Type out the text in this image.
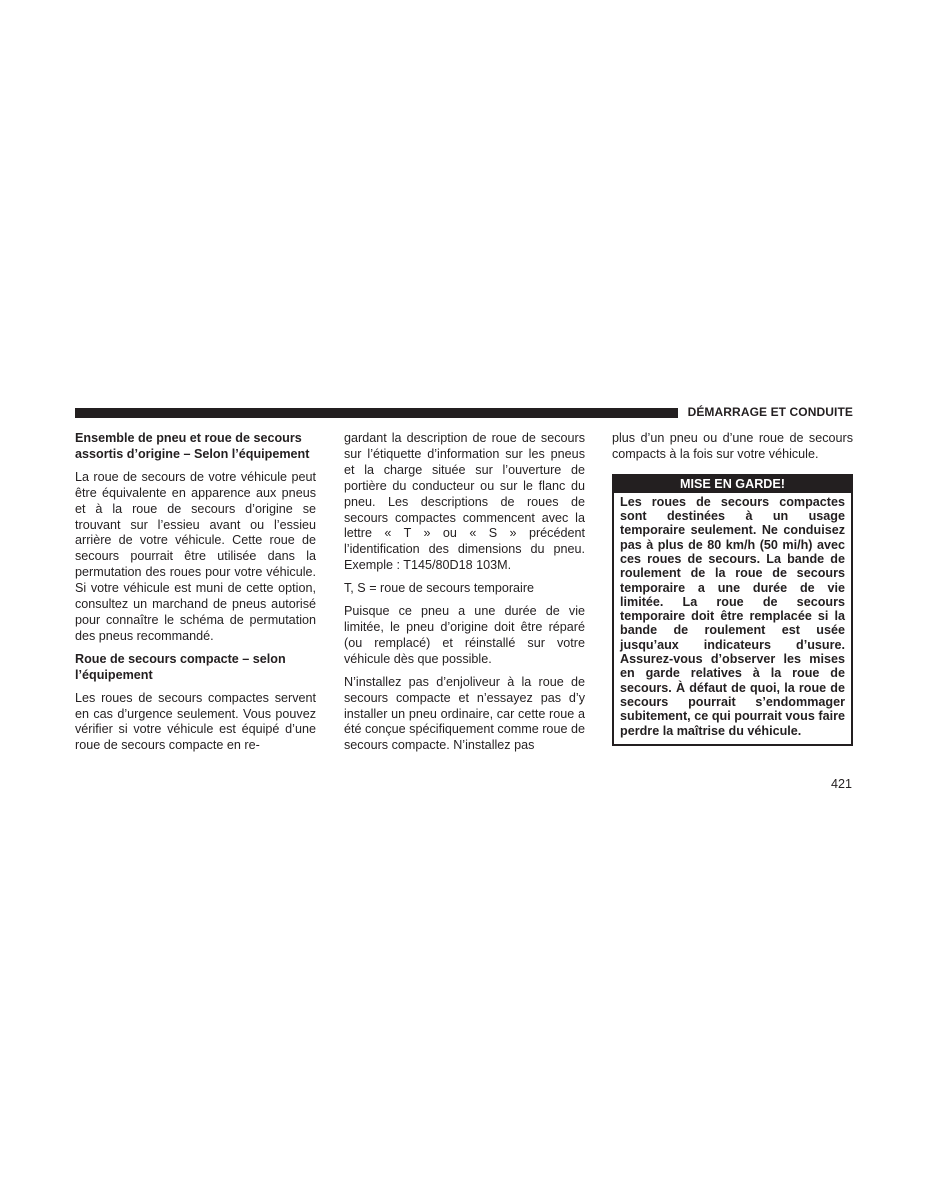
DÉMARRAGE ET CONDUITE
Ensemble de pneu et roue de secours assortis d’origine – Selon l’équipement

La roue de secours de votre véhicule peut être équivalente en apparence aux pneus et à la roue de secours d’origine se trouvant sur l’essieu avant ou l’essieu arrière de votre véhicule. Cette roue de secours pourrait être utilisée dans la permutation des roues pour votre véhicule. Si votre véhicule est muni de cette option, consultez un marchand de pneus autorisé pour connaître le schéma de permutation des pneus recommandé.

Roue de secours compacte – selon l’équipement

Les roues de secours compactes servent en cas d’urgence seulement. Vous pouvez vérifier si votre véhicule est équipé d’une roue de secours compacte en re-

gardant la description de roue de secours sur l’étiquette d’information sur les pneus et la charge située sur l’ouverture de portière du conducteur ou sur le flanc du pneu. Les descriptions de roues de secours compactes commencent avec la lettre « T » ou « S » précédent l’identification des dimensions du pneu. Exemple : T145/80D18 103M.

T, S = roue de secours temporaire

Puisque ce pneu a une durée de vie limitée, le pneu d’origine doit être réparé (ou remplacé) et réinstallé sur votre véhicule dès que possible.

N’installez pas d’enjoliveur à la roue de secours compacte et n’essayez pas d’y installer un pneu ordinaire, car cette roue a été conçue spécifiquement comme roue de secours compacte. N’installez pas

plus d’un pneu ou d’une roue de secours compacts à la fois sur votre véhicule.

MISE EN GARDE!
Les roues de secours compactes sont destinées à un usage temporaire seulement. Ne conduisez pas à plus de 80 km/h (50 mi/h) avec ces roues de secours. La bande de roulement de la roue de secours temporaire a une durée de vie limitée. La roue de secours temporaire doit être remplacée si la bande de roulement est usée jusqu’aux indicateurs d’usure. Assurez-vous d’observer les mises en garde relatives à la roue de secours. À défaut de quoi, la roue de secours pourrait s’endommager subitement, ce qui pourrait vous faire perdre la maîtrise du véhicule.
421
